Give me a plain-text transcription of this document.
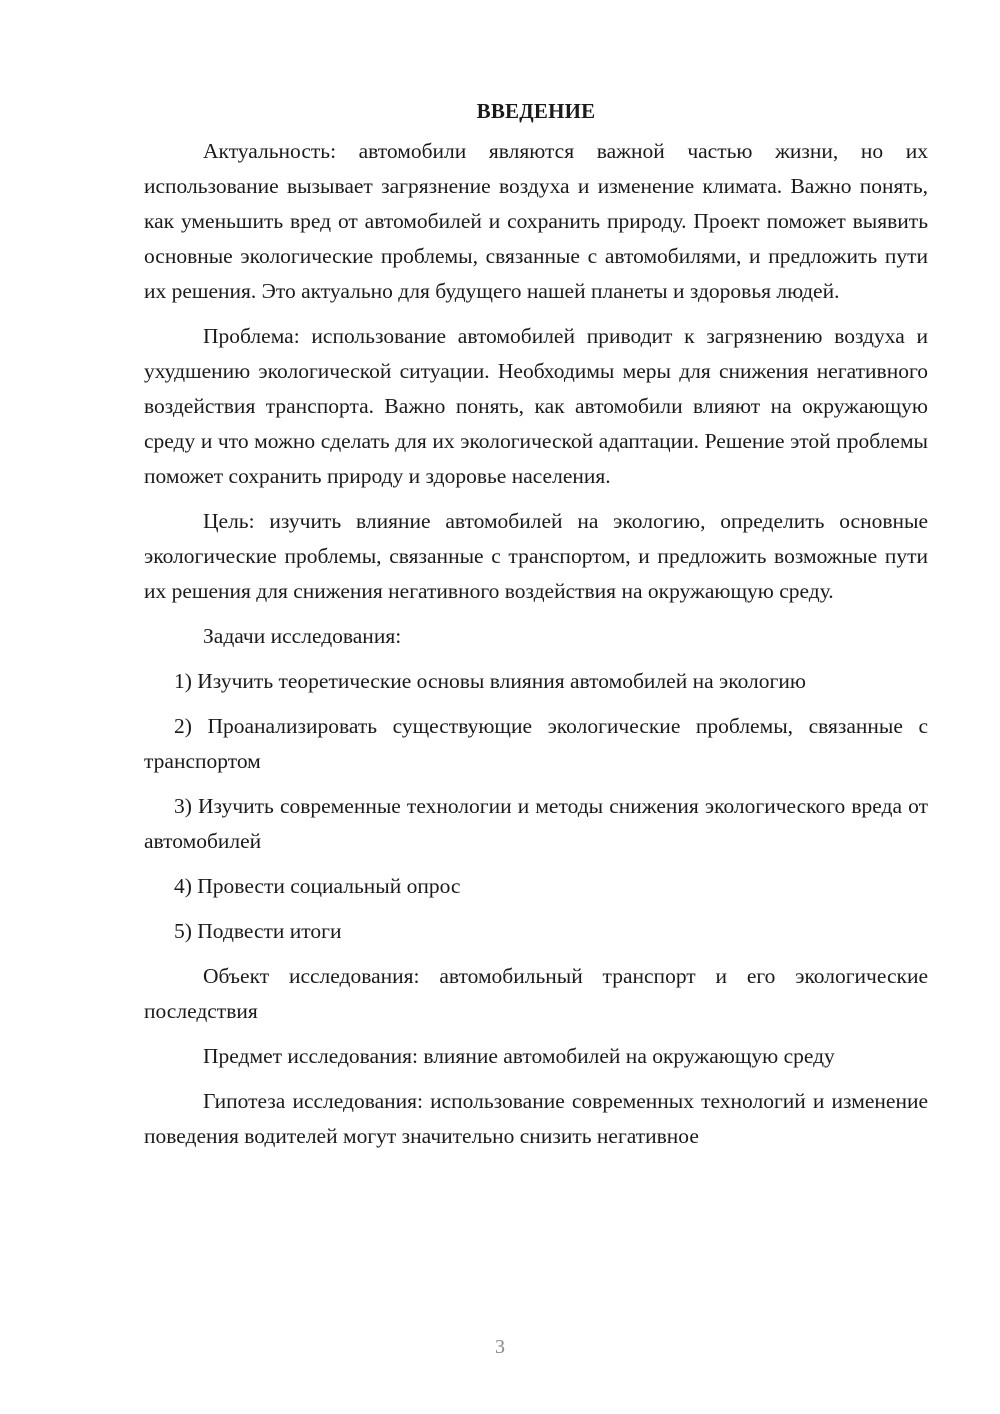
ВВЕДЕНИЕ

Актуальность: автомобили являются важной частью жизни, но их использование вызывает загрязнение воздуха и изменение климата. Важно понять, как уменьшить вред от автомобилей и сохранить природу. Проект поможет выявить основные экологические проблемы, связанные с автомобилями, и предложить пути их решения. Это актуально для будущего нашей планеты и здоровья людей.

Проблема: использование автомобилей приводит к загрязнению воздуха и ухудшению экологической ситуации. Необходимы меры для снижения негативного воздействия транспорта. Важно понять, как автомобили влияют на окружающую среду и что можно сделать для их экологической адаптации. Решение этой проблемы поможет сохранить природу и здоровье населения.

Цель: изучить влияние автомобилей на экологию, определить основные экологические проблемы, связанные с транспортом, и предложить возможные пути их решения для снижения негативного воздействия на окружающую среду.

Задачи исследования:

1) Изучить теоретические основы влияния автомобилей на экологию

2) Проанализировать существующие экологические проблемы, связанные с транспортом

3) Изучить современные технологии и методы снижения экологического вреда от автомобилей

4) Провести социальный опрос

5) Подвести итоги

Объект исследования: автомобильный транспорт и его экологические последствия

Предмет исследования: влияние автомобилей на окружающую среду

Гипотеза исследования: использование современных технологий и изменение поведения водителей могут значительно снизить негативное

3
